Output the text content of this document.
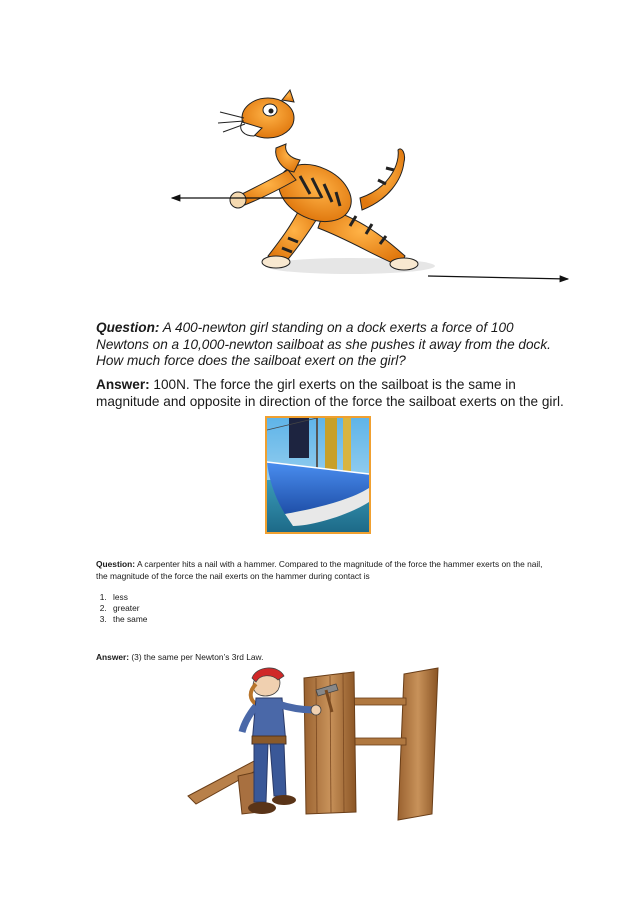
Question: A 400-newton girl standing on a dock exerts a force of 100 Newtons on a 10,000-newton sailboat as she pushes it away from the dock. How much force does the sailboat exert on the girl?
Answer: 100N. The force the girl exerts on the sailboat is the same in magnitude and opposite in direction of the force the sailboat exerts on the girl.
Question: A carpenter hits a nail with a hammer. Compared to the magnitude of the force the hammer exerts on the nail, the magnitude of the force the nail exerts on the hammer during contact is
1. less
2. greater
3. the same
Answer: (3) the same per Newton’s 3rd Law.
